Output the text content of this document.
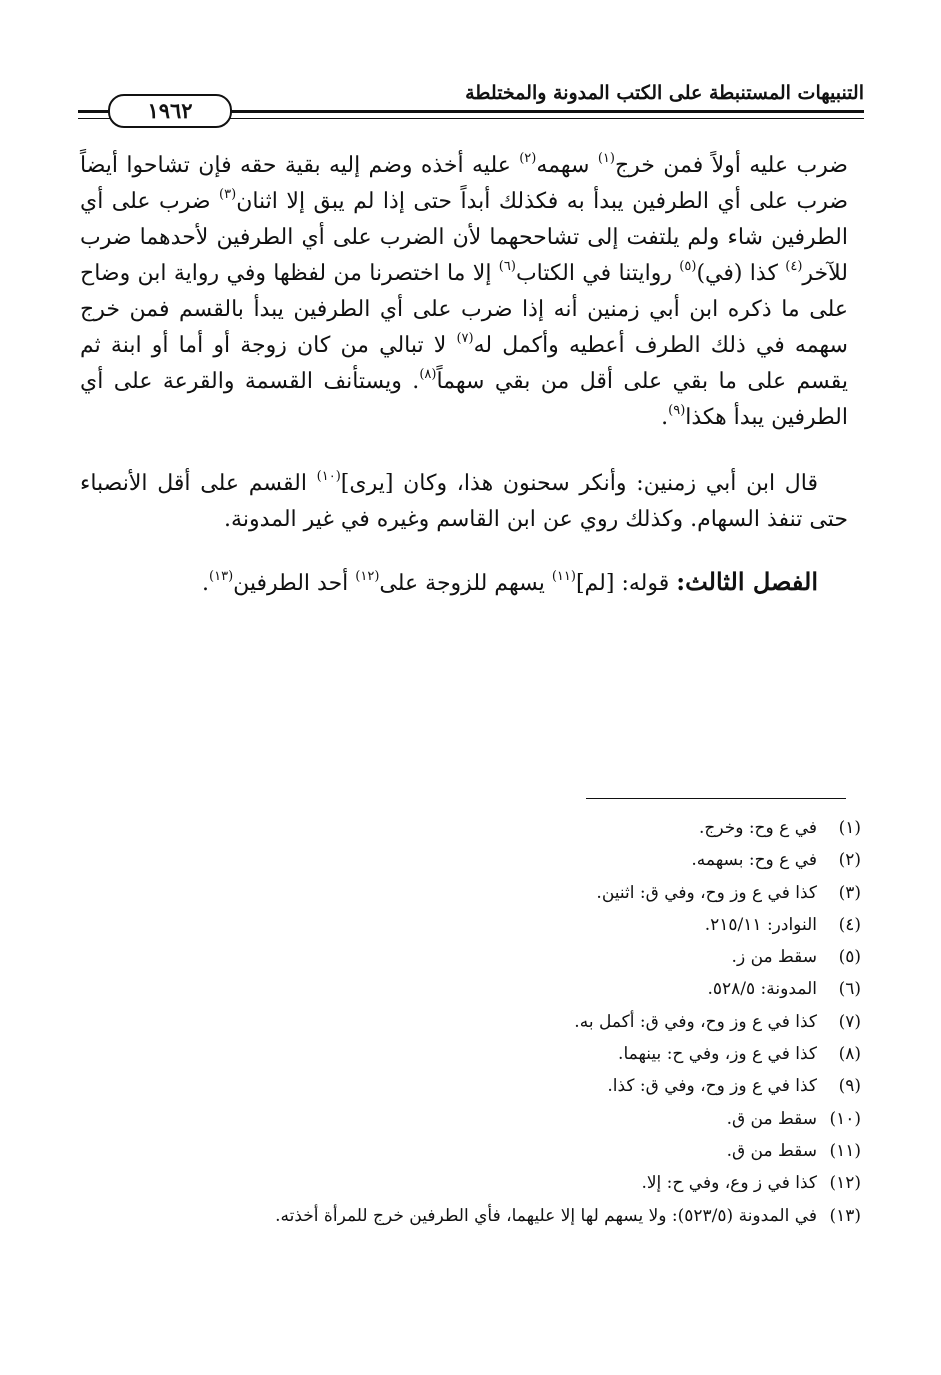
التنبيهات المستنبطة على الكتب المدونة والمختلطة
١٩٦٢

ضرب عليه أولاً فمن خرج$^{(١)}$ سهمه$^{(٢)}$ عليه أخذه وضم إليه بقية حقه فإن تشاحوا أيضاً ضرب على أي الطرفين يبدأ به فكذلك أبداً حتى إذا لم يبق إلا اثنان$^{(٣)}$ ضرب على أي الطرفين شاء ولم يلتفت إلى تشاححهما لأن الضرب على أي الطرفين لأحدهما ضرب للآخر$^{(٤)}$ كذا (في)$^{(٥)}$ روايتنا في الكتاب$^{(٦)}$ إلا ما اختصرنا من لفظها وفي رواية ابن وضاح على ما ذكره ابن أبي زمنين أنه إذا ضرب على أي الطرفين يبدأ بالقسم فمن خرج سهمه في ذلك الطرف أعطيه وأكمل له$^{(٧)}$ لا تبالي من كان زوجة أو أما أو ابنة ثم يقسم على ما بقي على أقل من بقي سهماً$^{(٨)}$. ويستأنف القسمة والقرعة على أي الطرفين يبدأ هكذا$^{(٩)}$.

قال ابن أبي زمنين: وأنكر سحنون هذا، وكان [يرى]$^{(١٠)}$ القسم على أقل الأنصباء حتى تنفذ السهام. وكذلك روي عن ابن القاسم وغيره في غير المدونة.

الفصل الثالث: قوله: [لم]$^{(١١)}$ يسهم للزوجة على$^{(١٢)}$ أحد الطرفين$^{(١٣)}$.

(١)
في ع وح: وخرج.
(٢)
في ع وح: بسهمه.
(٣)
كذا في ع وز وح، وفي ق: اثنين.
(٤)
النوادر: ٢١٥/١١.
(٥)
سقط من ز.
(٦)
المدونة: ٥٢٨/٥.
(٧)
كذا في ع وز وح، وفي ق: أكمل به.
(٨)
كذا في ع وز، وفي ح: بينهما.
(٩)
كذا في ع وز وح، وفي ق: كذا.
(١٠)
سقط من ق.
(١١)
سقط من ق.
(١٢)
كذا في ز وع، وفي ح: إلا.
(١٣)
في المدونة (٥٢٣/٥): ولا يسهم لها إلا عليهما، فأي الطرفين خرج للمرأة أخذته.
